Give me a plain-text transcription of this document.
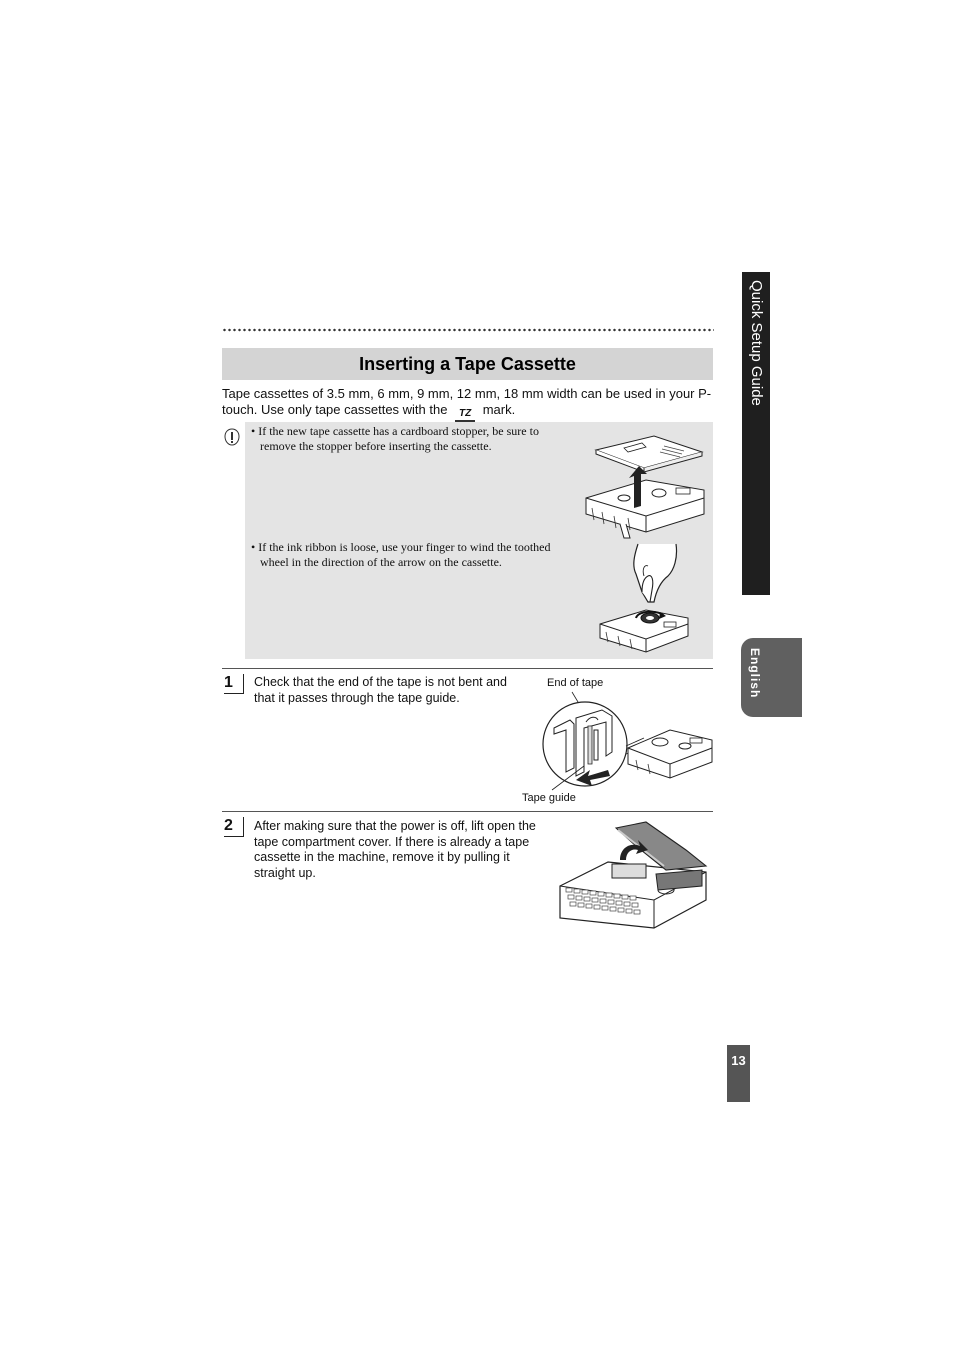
Inserting a Tape Cassette
Tape cassettes of 3.5 mm, 6 mm, 9 mm, 12 mm, 18 mm width can be used in your P-touch. Use only tape cassettes with the TZ mark.
• If the new tape cassette has a cardboard stopper, be sure to remove the stopper before inserting the cassette.
• If the ink ribbon is loose, use your finger to wind the toothed wheel in the direction of the arrow on the cassette.
1	Check that the end of the tape is not bent and that it passes through the tape guide.
End of tape
Tape guide
2	After making sure that the power is off, lift open the tape compartment cover. If there is already a tape cassette in the machine, remove it by pulling it straight up.
Quick Setup Guide
English
13
